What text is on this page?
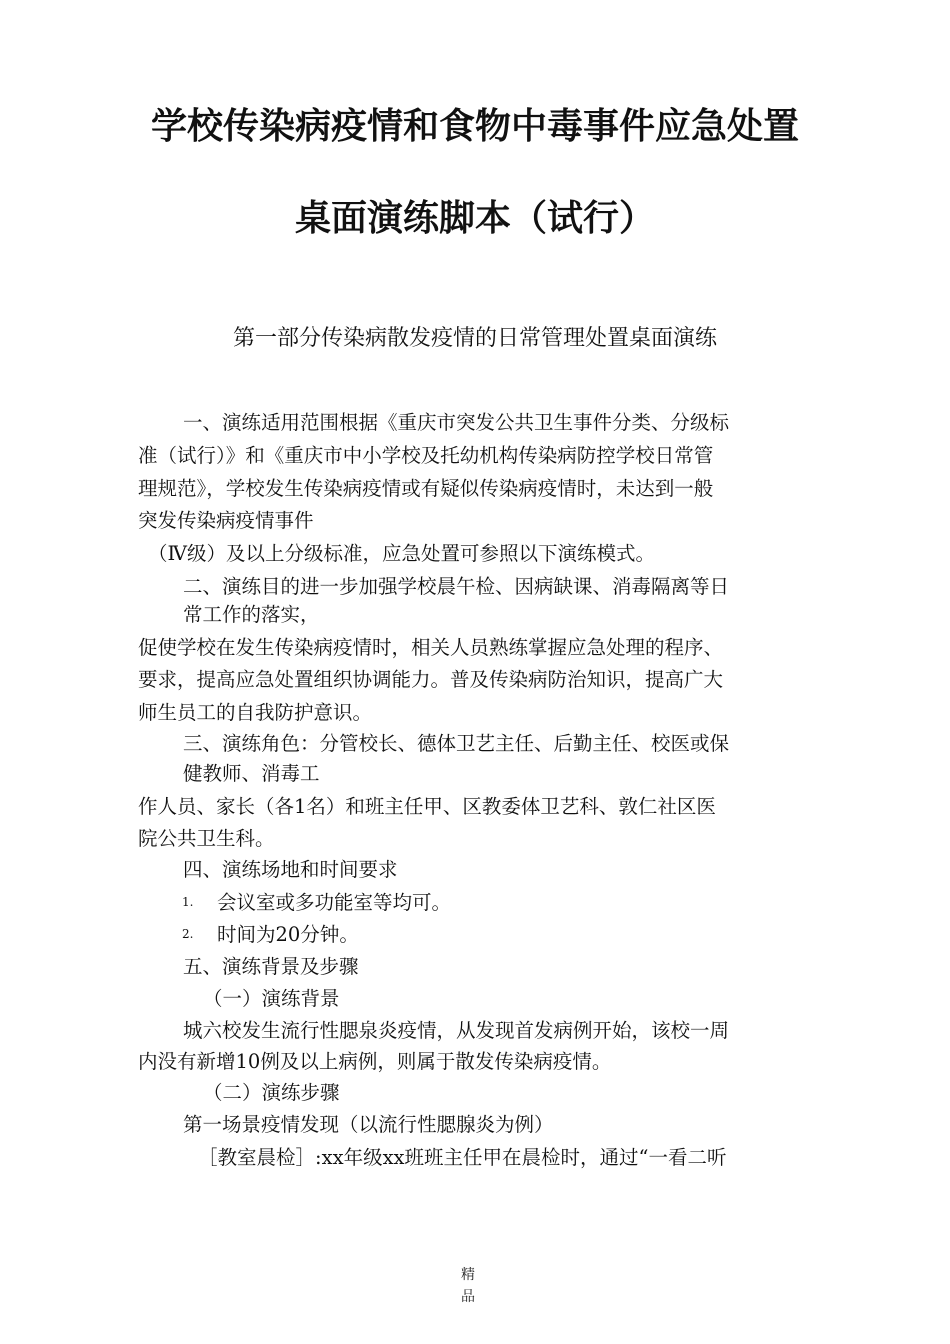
学校传染病疫情和食物中毒事件应急处置
桌面演练脚本（试行）

第一部分传染病散发疫情的日常管理处置桌面演练

一、演练适用范围根据《重庆市突发公共卫生事件分类、分级标

准（试行）》和《重庆市中小学校及托幼机构传染病防控学校日常管

理规范》，学校发生传染病疫情或有疑似传染病疫情时，未达到一般

突发传染病疫情事件

（Ⅳ级）及以上分级标准，应急处置可参照以下演练模式。

二、演练目的进一步加强学校晨午检、因病缺课、消毒隔离等日

常工作的落实，

促使学校在发生传染病疫情时，相关人员熟练掌握应急处理的程序、

要求，提高应急处置组织协调能力。普及传染病防治知识，提高广大

师生员工的自我防护意识。

三、演练角色：分管校长、德体卫艺主任、后勤主任、校医或保

健教师、消毒工

作人员、家长（各1名）和班主任甲、区教委体卫艺科、敦仁社区医

院公共卫生科。

四、演练场地和时间要求

1. 会议室或多功能室等均可。

2. 时间为20分钟。

五、演练背景及步骤

（一）演练背景

城六校发生流行性腮泉炎疫情，从发现首发病例开始，该校一周

内没有新增10例及以上病例，则属于散发传染病疫情。

（二）演练步骤

第一场景疫情发现（以流行性腮腺炎为例）

［教室晨检］:xx年级xx班班主任甲在晨检时，通过“一看二听

精品
